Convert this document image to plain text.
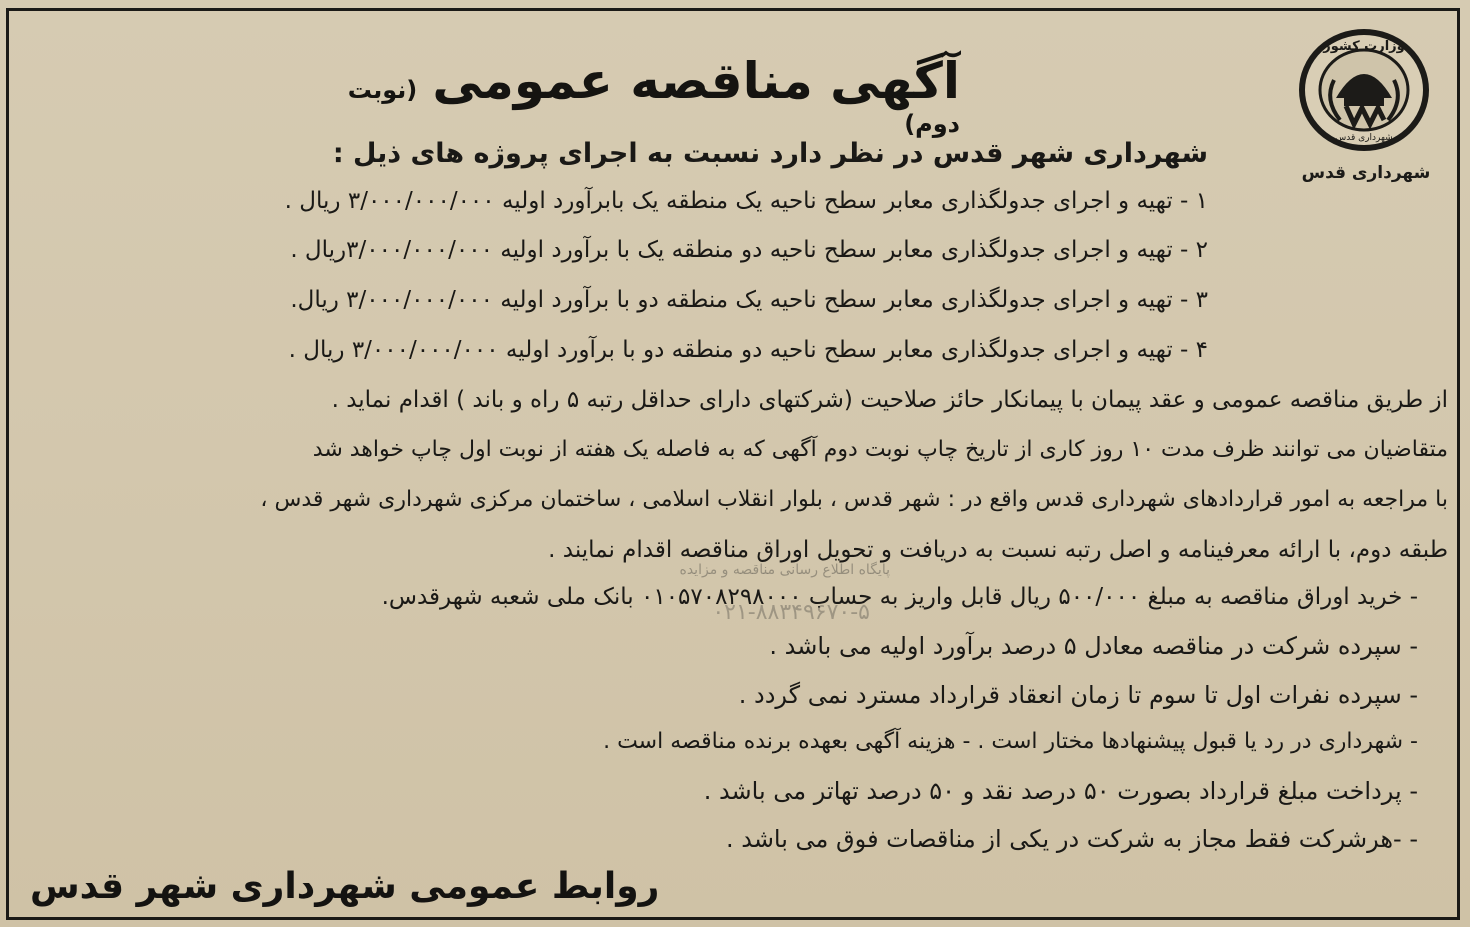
وزارت کشور
شهرداری قدس
شهرداری قدس
آگهی مناقصه عمومی (نوبت دوم)
شهرداری شهر قدس در نظر دارد نسبت به اجرای پروژه های ذیل :
۱ - تهیه و اجرای جدولگذاری معابر سطح ناحیه یک منطقه یک بابرآورد اولیه ۳/۰۰۰/۰۰۰/۰۰۰ ریال .
۲ - تهیه و اجرای جدولگذاری معابر سطح ناحیه دو منطقه یک با برآورد اولیه ۳/۰۰۰/۰۰۰/۰۰۰ریال .
۳ - تهیه و اجرای جدولگذاری معابر سطح ناحیه یک منطقه دو با برآورد اولیه ۳/۰۰۰/۰۰۰/۰۰۰ ریال.
۴ - تهیه و اجرای جدولگذاری معابر سطح ناحیه دو منطقه دو با برآورد اولیه ۳/۰۰۰/۰۰۰/۰۰۰ ریال .
از طریق مناقصه عمومی و عقد پیمان با پیمانکار حائز صلاحیت (شرکتهای دارای حداقل رتبه ۵ راه و باند ) اقدام نماید .
متقاضیان می توانند ظرف مدت ۱۰ روز کاری از تاریخ چاپ نوبت دوم آگهی که به فاصله یک هفته از نوبت اول چاپ خواهد شد
با مراجعه به امور قراردادهای شهرداری قدس واقع در : شهر قدس ، بلوار انقلاب اسلامی ، ساختمان مرکزی شهرداری شهر قدس ،
طبقه دوم، با ارائه معرفینامه و اصل رتبه نسبت به دریافت و تحویل اوراق مناقصه اقدام نمایند .
پایگاه اطلاع رسانی مناقصه و مزایده
۰۲۱-۸۸۳۴۹۶۷۰-۵
- خرید اوراق مناقصه به مبلغ ۵۰۰/۰۰۰ ریال قابل واریز به حساب ۰۱۰۵۷۰۸۲۹۸۰۰۰ بانک ملی شعبه شهرقدس.
- سپرده شرکت در مناقصه معادل ۵ درصد برآورد اولیه می باشد .
- سپرده نفرات اول تا سوم تا زمان انعقاد قرارداد مسترد نمی گردد .
- شهرداری در رد یا قبول پیشنهادها مختار است . - هزینه آگهی بعهده برنده مناقصه است .
- پرداخت مبلغ قرارداد بصورت ۵۰ درصد نقد و ۵۰ درصد تهاتر می باشد .
- -هرشرکت فقط مجاز به شرکت در یکی از مناقصات فوق می باشد .
روابط عمومی شهرداری شهر قدس
